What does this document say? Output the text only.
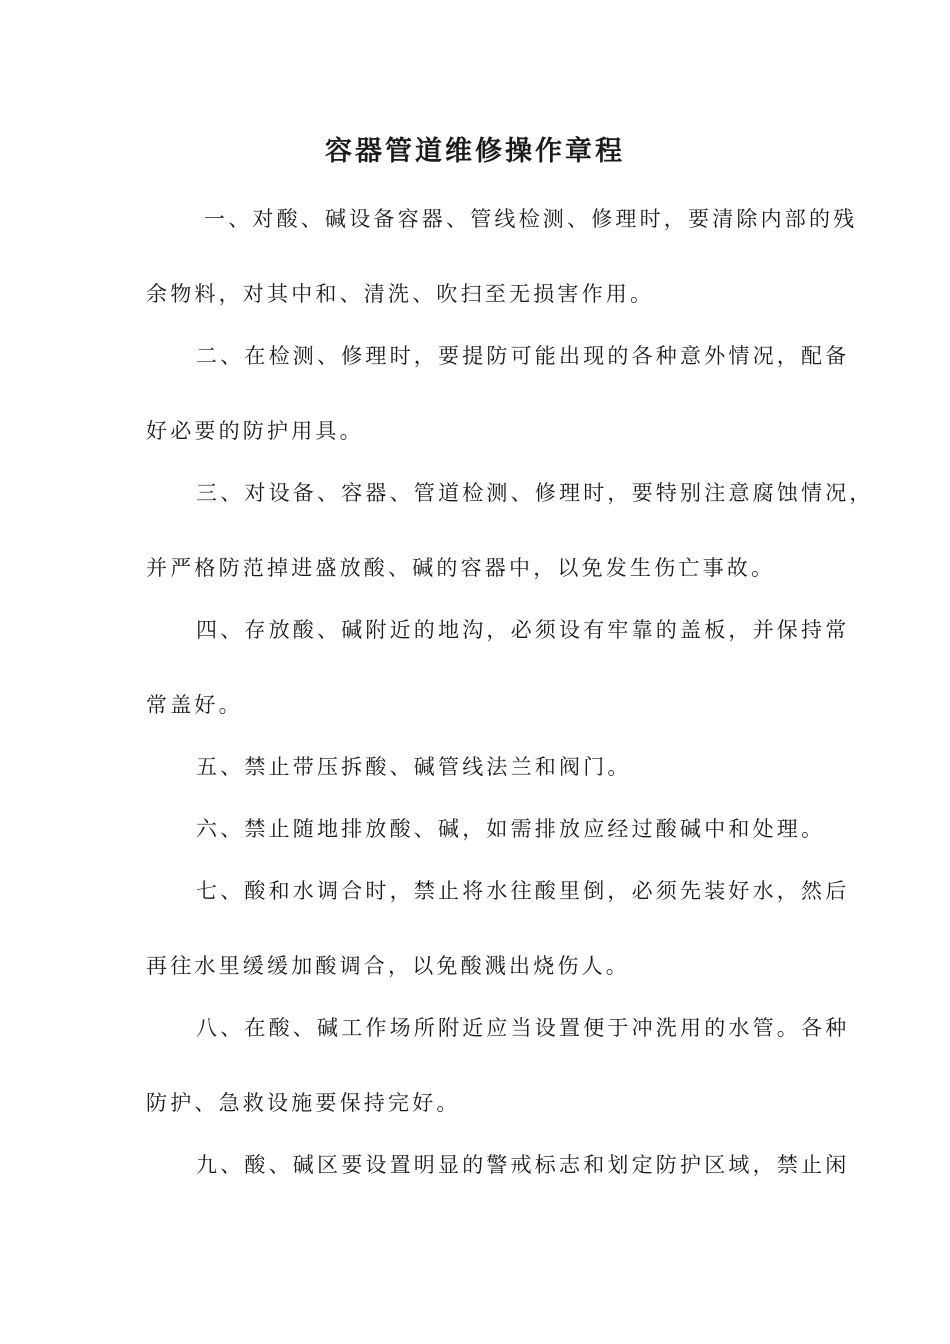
容器管道维修操作章程
一、对酸、碱设备容器、管线检测、修理时，要清除内部的残
余物料，对其中和、清洗、吹扫至无损害作用。
二、在检测、修理时，要提防可能出现的各种意外情况，配备
好必要的防护用具。
三、对设备、容器、管道检测、修理时，要特别注意腐蚀情况，
并严格防范掉进盛放酸、碱的容器中，以免发生伤亡事故。
四、存放酸、碱附近的地沟，必须设有牢靠的盖板，并保持常
常盖好。
五、禁止带压拆酸、碱管线法兰和阀门。
六、禁止随地排放酸、碱，如需排放应经过酸碱中和处理。
七、酸和水调合时，禁止将水往酸里倒，必须先装好水，然后
再往水里缓缓加酸调合，以免酸溅出烧伤人。
八、在酸、碱工作场所附近应当设置便于冲洗用的水管。各种
防护、急救设施要保持完好。
九、酸、碱区要设置明显的警戒标志和划定防护区域，禁止闲
